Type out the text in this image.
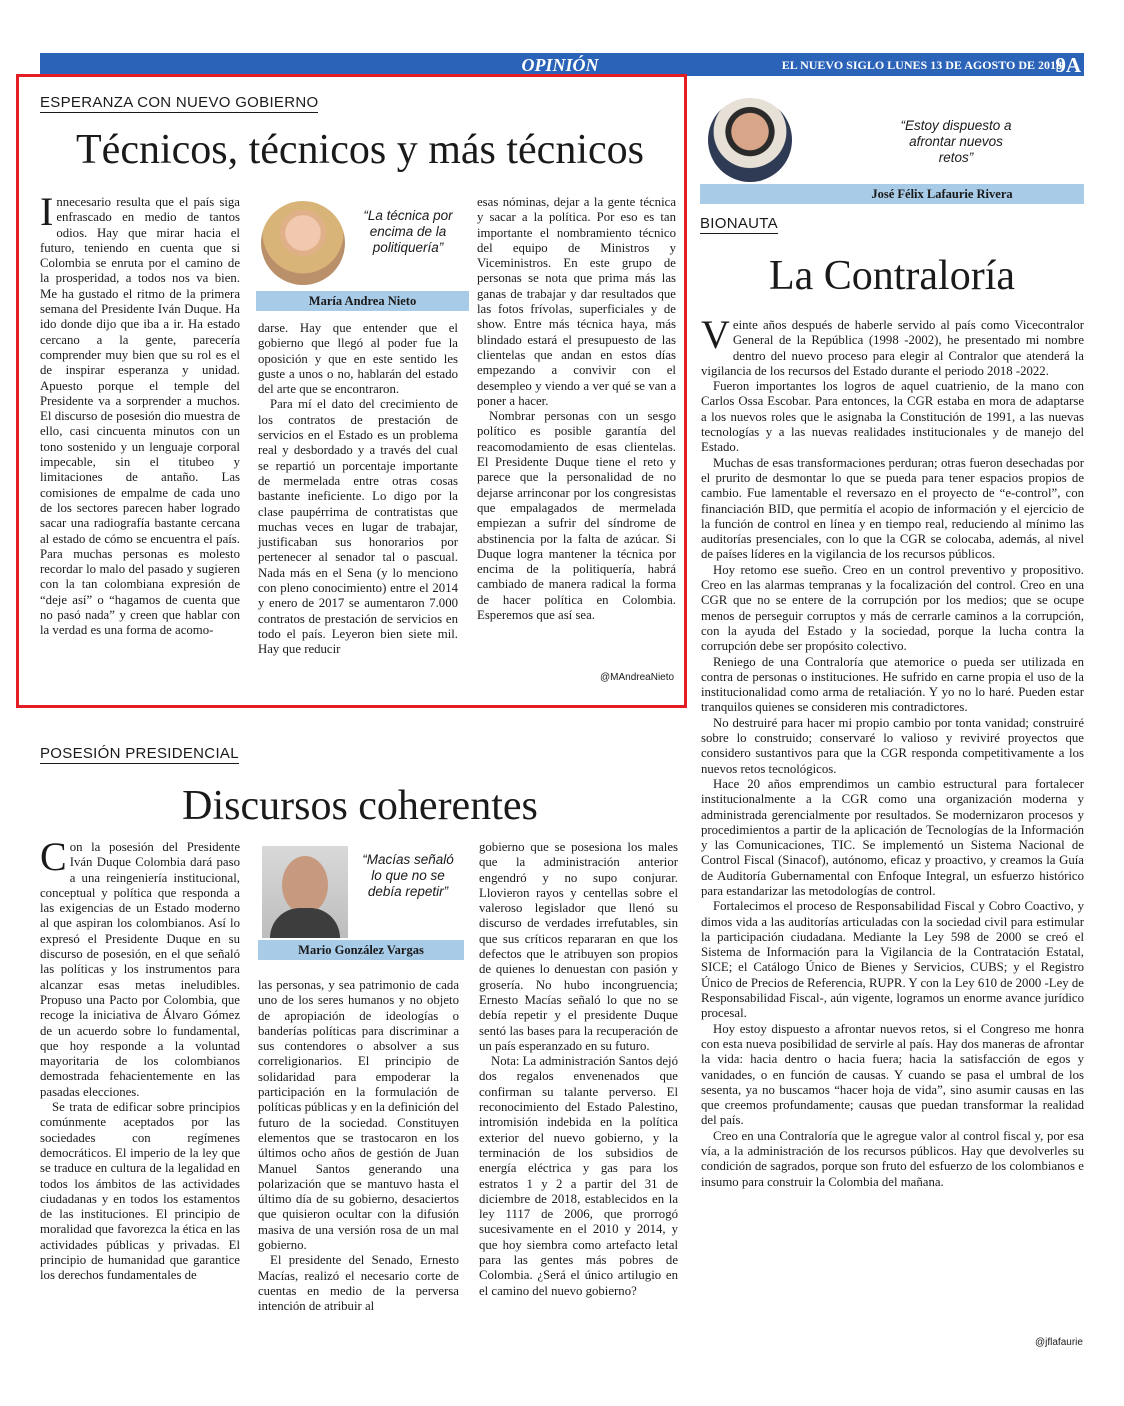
OPINIÓN	EL NUEVO SIGLO LUNES 13 DE AGOSTO DE 2018
9A
ESPERANZA CON NUEVO GOBIERNO
Técnicos, técnicos y más técnicos

Innecesario resulta que el país siga enfrascado en medio de tantos odios. Hay que mirar hacia el futuro, teniendo en cuenta que si Colombia se enruta por el camino de la prosperidad, a todos nos va bien. Me ha gustado el ritmo de la primera semana del Presidente Iván Duque. Ha ido donde dijo que iba a ir. Ha estado cercano a la gente, parecería comprender muy bien que su rol es el de inspirar esperanza y unidad. Apuesto porque el temple del Presidente va a sorprender a muchos. El discurso de posesión dio muestra de ello, casi cincuenta minutos con un tono sostenido y un lenguaje corporal impecable, sin el titubeo y limitaciones de antaño. Las comisiones de empalme de cada uno de los sectores parecen haber logrado sacar una radiografía bastante cercana al estado de cómo se encuentra el país. Para muchas personas es molesto recordar lo malo del pasado y sugieren con la tan colombiana expresión de “deje así” o “hagamos de cuenta que no pasó nada” y creen que hablar con la verdad es una forma de acomo-

“La técnica por encima de la politiquería”
María Andrea Nieto

darse. Hay que entender que el gobierno que llegó al poder fue la oposición y que en este sentido les guste a unos o no, hablarán del estado del arte que se encontraron.

Para mí el dato del crecimiento de los contratos de prestación de servicios en el Estado es un problema real y desbordado y a través del cual se repartió un porcentaje importante de mermelada entre otras cosas bastante ineficiente. Lo digo por la clase paupérrima de contratistas que muchas veces en lugar de trabajar, justificaban sus honorarios por pertenecer al senador tal o pascual. Nada más en el Sena (y lo menciono con pleno conocimiento) entre el 2014 y enero de 2017 se aumentaron 7.000 contratos de prestación de servicios en todo el país. Leyeron bien siete mil. Hay que reducir

esas nóminas, dejar a la gente técnica y sacar a la política. Por eso es tan importante el nombramiento técnico del equipo de Ministros y Viceministros. En este grupo de personas se nota que prima más las ganas de trabajar y dar resultados que las fotos frívolas, superficiales y de show. Entre más técnica haya, más blindado estará el presupuesto de las clientelas que andan en estos días empezando a convivir con el desempleo y viendo a ver qué se van a poner a hacer.

Nombrar personas con un sesgo político es posible garantía del reacomodamiento de esas clientelas. El Presidente Duque tiene el reto y parece que la personalidad de no dejarse arrinconar por los congresistas que empalagados de mermelada empiezan a sufrir del síndrome de abstinencia por la falta de azúcar. Si Duque logra mantener la técnica por encima de la politiquería, habrá cambiado de manera radical la forma de hacer política en Colombia. Esperemos que así sea.

@MAndreaNieto
POSESIÓN PRESIDENCIAL
Discursos coherentes

Con la posesión del Presidente Iván Duque Colombia dará paso a una reingeniería institucional, conceptual y política que responda a las exigencias de un Estado moderno al que aspiran los colombianos. Así lo expresó el Presidente Duque en su discurso de posesión, en el que señaló las políticas y los instrumentos para alcanzar esas metas ineludibles. Propuso una Pacto por Colombia, que recoge la iniciativa de Álvaro Gómez de un acuerdo sobre lo fundamental, que hoy responde a la voluntad mayoritaria de los colombianos demostrada fehacientemente en las pasadas elecciones.

Se trata de edificar sobre principios comúnmente aceptados por las sociedades con regímenes democráticos. El imperio de la ley que se traduce en cultura de la legalidad en todos los ámbitos de las actividades ciudadanas y en todos los estamentos de las instituciones. El principio de moralidad que favorezca la ética en las actividades públicas y privadas. El principio de humanidad que garantice los derechos fundamentales de

“Macías señaló lo que no se debía repetir”
Mario González Vargas

las personas, y sea patrimonio de cada uno de los seres humanos y no objeto de apropiación de ideologías o banderías políticas para discriminar a sus contendores o absolver a sus correligionarios. El principio de solidaridad para empoderar la participación en la formulación de políticas públicas y en la definición del futuro de la sociedad. Constituyen elementos que se trastocaron en los últimos ocho años de gestión de Juan Manuel Santos generando una polarización que se mantuvo hasta el último día de su gobierno, desaciertos que quisieron ocultar con la difusión masiva de una versión rosa de un mal gobierno.

El presidente del Senado, Ernesto Macías, realizó el necesario corte de cuentas en medio de la perversa intención de atribuir al

gobierno que se posesiona los males que la administración anterior engendró y no supo conjurar. Llovieron rayos y centellas sobre el valeroso legislador que llenó su discurso de verdades irrefutables, sin que sus críticos repararan en que los defectos que le atribuyen son propios de quienes lo denuestan con pasión y grosería. No hubo incongruencia; Ernesto Macías señaló lo que no se debía repetir y el presidente Duque sentó las bases para la recuperación de un país esperanzado en su futuro.

Nota: La administración Santos dejó dos regalos envenenados que confirman su talante perverso. El reconocimiento del Estado Palestino, intromisión indebida en la política exterior del nuevo gobierno, y la terminación de los subsidios de energía eléctrica y gas para los estratos 1 y 2 a partir del 31 de diciembre de 2018, establecidos en la ley 1117 de 2006, que prorrogó sucesivamente en el 2010 y 2014, y que hoy siembra como artefacto letal para las gentes más pobres de Colombia. ¿Será el único artilugio en el camino del nuevo gobierno?

“Estoy dispuesto a afrontar nuevos retos”
José Félix Lafaurie Rivera
BIONAUTA
La Contraloría

Veinte años después de haberle servido al país como Vicecontralor General de la República (1998 -2002), he presentado mi nombre dentro del nuevo proceso para elegir al Contralor que atenderá la vigilancia de los recursos del Estado durante el periodo 2018 -2022.

Fueron importantes los logros de aquel cuatrienio, de la mano con Carlos Ossa Escobar. Para entonces, la CGR estaba en mora de adaptarse a los nuevos roles que le asignaba la Constitución de 1991, a las nuevas tecnologías y a las nuevas realidades institucionales y de manejo del Estado.

Muchas de esas transformaciones perduran; otras fueron desechadas por el prurito de desmontar lo que se pueda para tener espacios propios de cambio. Fue lamentable el reversazo en el proyecto de “e-control”, con financiación BID, que permitía el acopio de información y el ejercicio de la función de control en línea y en tiempo real, reduciendo al mínimo las auditorías presenciales, con lo que la CGR se colocaba, además, al nivel de países líderes en la vigilancia de los recursos públicos.

Hoy retomo ese sueño. Creo en un control preventivo y propositivo. Creo en las alarmas tempranas y la focalización del control. Creo en una CGR que no se entere de la corrupción por los medios; que se ocupe menos de perseguir corruptos y más de cerrarle caminos a la corrupción, con la ayuda del Estado y la sociedad, porque la lucha contra la corrupción debe ser propósito colectivo.

Reniego de una Contraloría que atemorice o pueda ser utilizada en contra de personas o instituciones. He sufrido en carne propia el uso de la institucionalidad como arma de retaliación. Y yo no lo haré. Pueden estar tranquilos quienes se consideren mis contradictores.

No destruiré para hacer mi propio cambio por tonta vanidad; construiré sobre lo construido; conservaré lo valioso y reviviré proyectos que considero sustantivos para que la CGR responda competitivamente a los nuevos retos tecnológicos.

Hace 20 años emprendimos un cambio estructural para fortalecer institucionalmente a la CGR como una organización moderna y administrada gerencialmente por resultados. Se modernizaron procesos y procedimientos a partir de la aplicación de Tecnologías de la Información y las Comunicaciones, TIC. Se implementó un Sistema Nacional de Control Fiscal (Sinacof), autónomo, eficaz y proactivo, y creamos la Guía de Auditoría Gubernamental con Enfoque Integral, un esfuerzo histórico para estandarizar las metodologías de control.

Fortalecimos el proceso de Responsabilidad Fiscal y Cobro Coactivo, y dimos vida a las auditorías articuladas con la sociedad civil para estimular la participación ciudadana. Mediante la Ley 598 de 2000 se creó el Sistema de Información para la Vigilancia de la Contratación Estatal, SICE; el Catálogo Único de Bienes y Servicios, CUBS; y el Registro Único de Precios de Referencia, RUPR. Y con la Ley 610 de 2000 -Ley de Responsabilidad Fiscal-, aún vigente, logramos un enorme avance jurídico procesal.

Hoy estoy dispuesto a afrontar nuevos retos, si el Congreso me honra con esta nueva posibilidad de servirle al país. Hay dos maneras de afrontar la vida: hacia dentro o hacia fuera; hacia la satisfacción de egos y vanidades, o en función de causas. Y cuando se pasa el umbral de los sesenta, ya no buscamos “hacer hoja de vida”, sino asumir causas en las que creemos profundamente; causas que puedan transformar la realidad del país.

Creo en una Contraloría que le agregue valor al control fiscal y, por esa vía, a la administración de los recursos públicos. Hay que devolverles su condición de sagrados, porque son fruto del esfuerzo de los colombianos e insumo para construir la Colombia del mañana.

@jflafaurie
